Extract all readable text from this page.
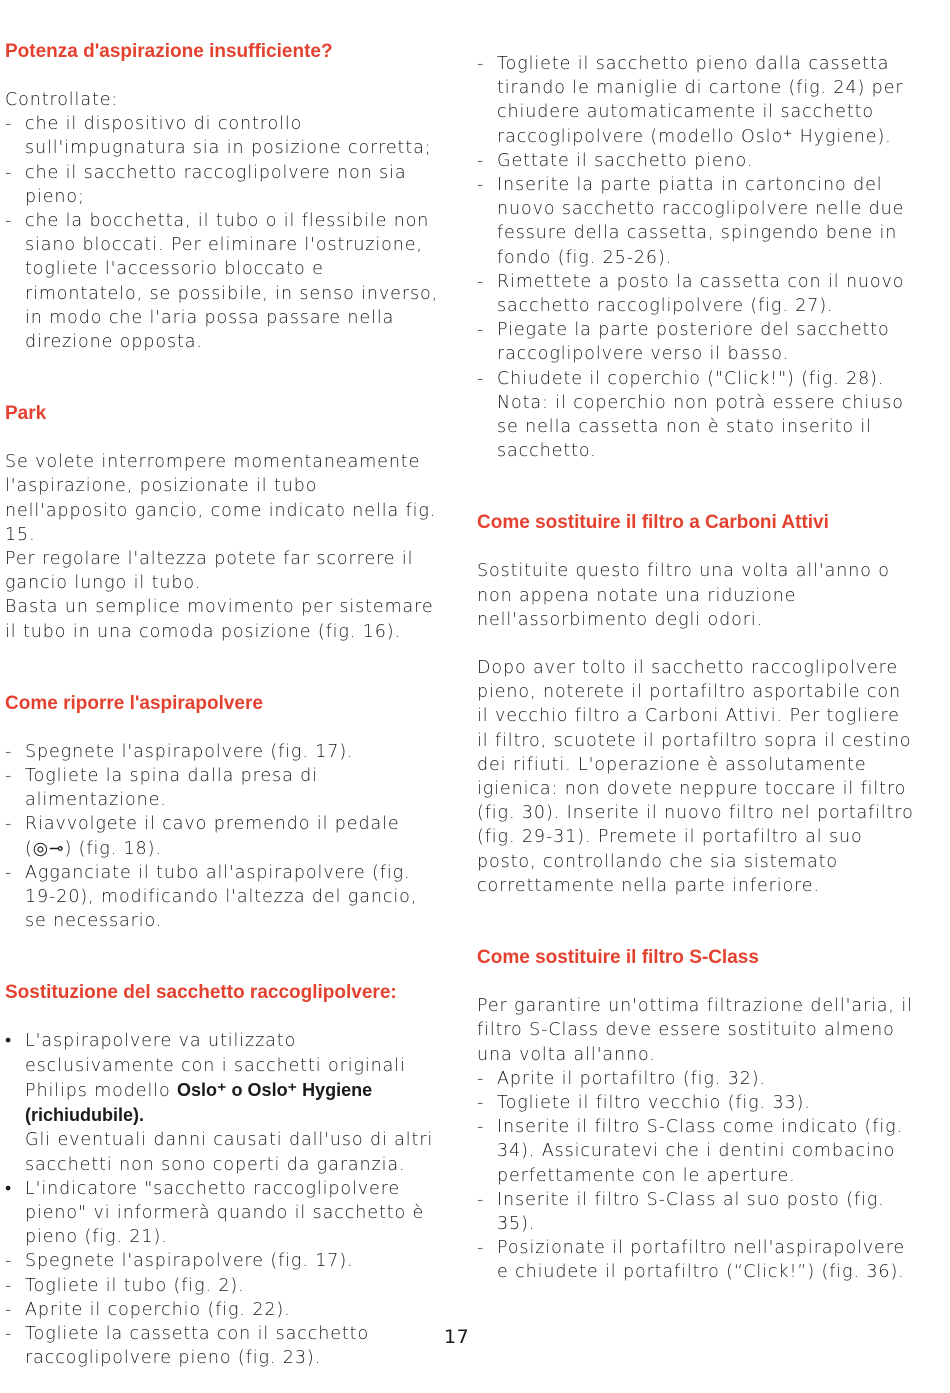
Potenza d'aspirazione insufficiente?

Controllate:

- che il dispositivo di controllo sull'impugnatura sia in posizione corretta;
- che il sacchetto raccoglipolvere non sia pieno;
- che la bocchetta, il tubo o il flessibile non siano bloccati. Per eliminare l'ostruzione, togliete l'accessorio bloccato e rimontatelo, se possibile, in senso inverso, in modo che l'aria possa passare nella direzione opposta.
Park

Se volete interrompere momentaneamente l'aspirazione, posizionate il tubo nell'apposito gancio, come indicato nella fig. 15.

Per regolare l'altezza potete far scorrere il gancio lungo il tubo.

Basta un semplice movimento per sistemare il tubo in una comoda posizione (fig. 16).

Come riporre l'aspirapolvere
- Spegnete l'aspirapolvere (fig. 17).
- Togliete la spina dalla presa di alimentazione.
- Riavvolgete il cavo premendo il pedale (◎⊸) (fig. 18).
- Agganciate il tubo all'aspirapolvere (fig. 19-20), modificando l'altezza del gancio, se necessario.
Sostituzione del sacchetto raccoglipolvere:
• L'aspirapolvere va utilizzato esclusivamente con i sacchetti originali Philips modello Oslo⁺ o Oslo⁺ Hygiene (richiudubile).
Gli eventuali danni causati dall'uso di altri sacchetti non sono coperti da garanzia.
• L'indicatore "sacchetto raccoglipolvere pieno" vi informerà quando il sacchetto è pieno (fig. 21).
- Spegnete l'aspirapolvere (fig. 17).
- Togliete il tubo (fig. 2).
- Aprite il coperchio (fig. 22).
- Togliete la cassetta con il sacchetto raccoglipolvere pieno (fig. 23).
- Togliete il sacchetto pieno dalla cassetta tirando le maniglie di cartone (fig. 24) per chiudere automaticamente il sacchetto raccoglipolvere (modello Oslo⁺ Hygiene).
- Gettate il sacchetto pieno.
- Inserite la parte piatta in cartoncino del nuovo sacchetto raccoglipolvere nelle due fessure della cassetta, spingendo bene in fondo (fig. 25-26).
- Rimettete a posto la cassetta con il nuovo sacchetto raccoglipolvere (fig. 27).
- Piegate la parte posteriore del sacchetto raccoglipolvere verso il basso.
- Chiudete il coperchio ("Click!") (fig. 28). Nota: il coperchio non potrà essere chiuso se nella cassetta non è stato inserito il sacchetto.
Come sostituire il filtro a Carboni Attivi

Sostituite questo filtro una volta all'anno o non appena notate una riduzione nell'assorbimento degli odori.

Dopo aver tolto il sacchetto raccoglipolvere pieno, noterete il portafiltro asportabile con il vecchio filtro a Carboni Attivi. Per togliere il filtro, scuotete il portafiltro sopra il cestino dei rifiuti. L'operazione è assolutamente igienica: non dovete neppure toccare il filtro (fig. 30). Inserite il nuovo filtro nel portafiltro (fig. 29-31). Premete il portafiltro al suo posto, controllando che sia sistemato correttamente nella parte inferiore.

Come sostituire il filtro S-Class

Per garantire un'ottima filtrazione dell'aria, il filtro S-Class deve essere sostituito almeno una volta all'anno.

- Aprite il portafiltro (fig. 32).
- Togliete il filtro vecchio (fig. 33).
- Inserite il filtro S-Class come indicato (fig. 34). Assicuratevi che i dentini combacino perfettamente con le aperture.
- Inserite il filtro S-Class al suo posto (fig. 35).
- Posizionate il portafiltro nell'aspirapolvere e chiudete il portafiltro (“Click!”) (fig. 36).
17
